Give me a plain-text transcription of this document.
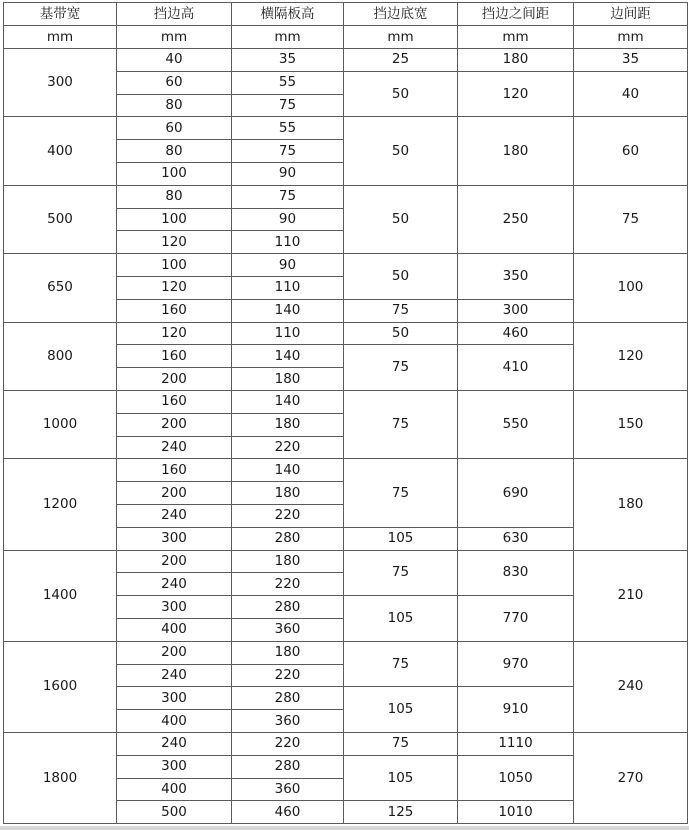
基带宽	挡边高	横隔板高	挡边底宽	挡边之间距	边间距
mm	mm	mm	mm	mm	mm
300	40	35	25	180	35
	60	55	50	120	40
	80	75			
400	60	55	50	180	60
	80	75			
	100	90			
500	80	75	50	250	75
	100	90			
	120	110			
650	100	90	50	350	100
	120	110			
	160	140	75	300	
800	120	110	50	460	120
	160	140	75	410	
	200	180			
1000	160	140	75	550	150
	200	180			
	240	220			
1200	160	140	75	690	180
	200	180			
	240	220			
	300	280	105	630	
1400	200	180	75	830	210
	240	220			
	300	280	105	770	
	400	360			
1600	200	180	75	970	240
	240	220			
	300	280	105	910	
	400	360			
1800	240	220	75	1110	270
	300	280	105	1050	
	400	360			
	500	460	125	1010	
